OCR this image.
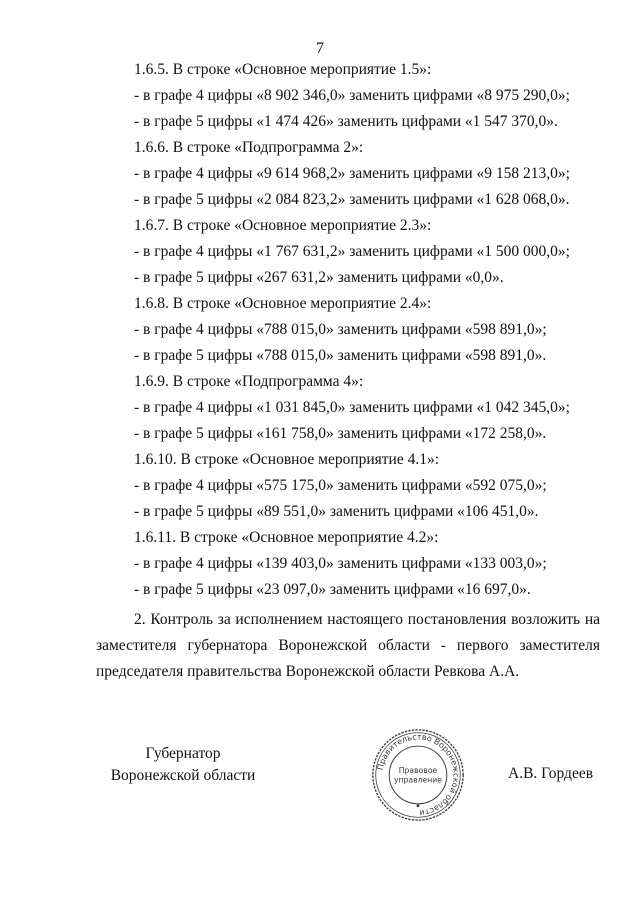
7
1.6.5. В строке «Основное мероприятие 1.5»:
- в графе 4 цифры «8 902 346,0» заменить цифрами «8 975 290,0»;
- в графе 5 цифры «1 474 426» заменить цифрами «1 547 370,0».
1.6.6. В строке «Подпрограмма 2»:
- в графе 4 цифры «9 614 968,2» заменить цифрами «9 158 213,0»;
- в графе 5 цифры «2 084 823,2» заменить цифрами «1 628 068,0».
1.6.7. В строке «Основное мероприятие 2.3»:
- в графе 4 цифры «1 767 631,2» заменить цифрами «1 500 000,0»;
- в графе 5 цифры «267 631,2» заменить цифрами «0,0».
1.6.8. В строке «Основное мероприятие 2.4»:
- в графе 4 цифры «788 015,0» заменить цифрами «598 891,0»;
- в графе 5 цифры «788 015,0» заменить цифрами «598 891,0».
1.6.9. В строке «Подпрограмма 4»:
- в графе 4 цифры «1 031 845,0» заменить цифрами «1 042 345,0»;
- в графе 5 цифры «161 758,0» заменить цифрами «172 258,0».
1.6.10. В строке «Основное мероприятие 4.1»:
- в графе 4 цифры «575 175,0» заменить цифрами «592 075,0»;
- в графе 5 цифры «89 551,0» заменить цифрами «106 451,0».
1.6.11. В строке «Основное мероприятие 4.2»:
- в графе 4 цифры «139 403,0» заменить цифрами «133 003,0»;
- в графе 5 цифры «23 097,0» заменить цифрами «16 697,0».
2. Контроль за исполнением настоящего постановления возложить на заместителя губернатора Воронежской области - первого заместителя председателя правительства Воронежской области Ревкова А.А.
Губернатор
Воронежской области	Правительство Воронежской области
Правовое
управление	А.В. Гордеев
